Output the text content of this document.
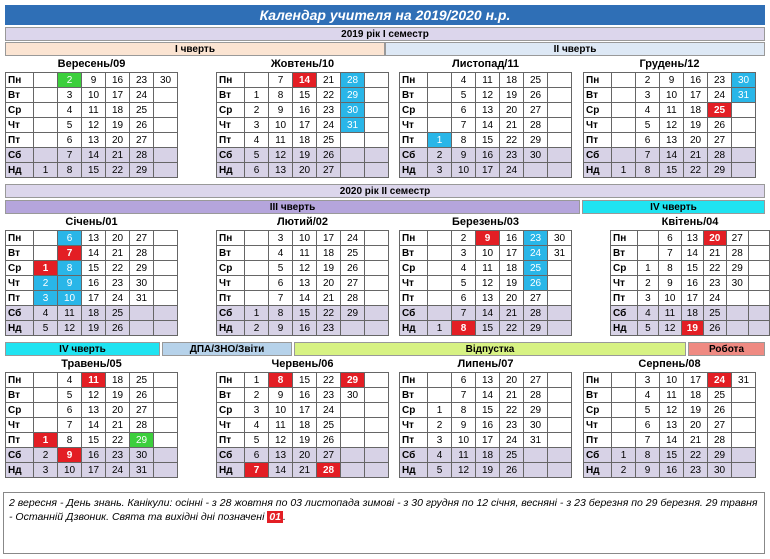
Календар учителя на 2019/2020 н.р.
2019 рік І семестр
І чверть	ІІ чверть
2020 рік ІІ семестр
ІІІ чверть	IV чверть
IV чверть	ДПА/ЗНО/Звіти	Відпустка	Робота
Вересень/09
Пн		2	9	16	23	30
Вт		3	10	17	24	
Ср		4	11	18	25	
Чт		5	12	19	26	
Пт		6	13	20	27	
Сб		7	14	21	28	
Нд	1	8	15	22	29	
Жовтень/10
Пн		7	14	21	28	
Вт	1	8	15	22	29	
Ср	2	9	16	23	30	
Чт	3	10	17	24	31	
Пт	4	11	18	25		
Сб	5	12	19	26		
Нд	6	13	20	27		
Листопад/11
Пн		4	11	18	25	
Вт		5	12	19	26	
Ср		6	13	20	27	
Чт		7	14	21	28	
Пт	1	8	15	22	29	
Сб	2	9	16	23	30	
Нд	3	10	17	24		
Грудень/12
Пн		2	9	16	23	30
Вт		3	10	17	24	31
Ср		4	11	18	25	
Чт		5	12	19	26	
Пт		6	13	20	27	
Сб		7	14	21	28	
Нд	1	8	15	22	29	
Січень/01
Пн		6	13	20	27	
Вт		7	14	21	28	
Ср	1	8	15	22	29	
Чт	2	9	16	23	30	
Пт	3	10	17	24	31	
Сб	4	11	18	25		
Нд	5	12	19	26		
Лютий/02
Пн		3	10	17	24	
Вт		4	11	18	25	
Ср		5	12	19	26	
Чт		6	13	20	27	
Пт		7	14	21	28	
Сб	1	8	15	22	29	
Нд	2	9	16	23		
Березень/03
Пн		2	9	16	23	30
Вт		3	10	17	24	31
Ср		4	11	18	25	
Чт		5	12	19	26	
Пт		6	13	20	27	
Сб		7	14	21	28	
Нд	1	8	15	22	29	
Квітень/04
Пн		6	13	20	27	
Вт		7	14	21	28	
Ср	1	8	15	22	29	
Чт	2	9	16	23	30	
Пт	3	10	17	24		
Сб	4	11	18	25		
Нд	5	12	19	26		
Травень/05
Пн		4	11	18	25	
Вт		5	12	19	26	
Ср		6	13	20	27	
Чт		7	14	21	28	
Пт	1	8	15	22	29	
Сб	2	9	16	23	30	
Нд	3	10	17	24	31	
Червень/06
Пн	1	8	15	22	29	
Вт	2	9	16	23	30	
Ср	3	10	17	24		
Чт	4	11	18	25		
Пт	5	12	19	26		
Сб	6	13	20	27		
Нд	7	14	21	28		
Липень/07
Пн		6	13	20	27	
Вт		7	14	21	28	
Ср	1	8	15	22	29	
Чт	2	9	16	23	30	
Пт	3	10	17	24	31	
Сб	4	11	18	25		
Нд	5	12	19	26		
Серпень/08
Пн		3	10	17	24	31
Вт		4	11	18	25	
Ср		5	12	19	26	
Чт		6	13	20	27	
Пт		7	14	21	28	
Сб	1	8	15	22	29	
Нд	2	9	16	23	30	
2 вересня - День знань. Канікули: осінні - з 28 жовтня по 03 листопада зимові - з 30 грудня по 12 січня, весняні - з 23 березня по 29 березня. 29 травня - Останній Дзвоник. Свята та вихідні дні позначені 01 .
